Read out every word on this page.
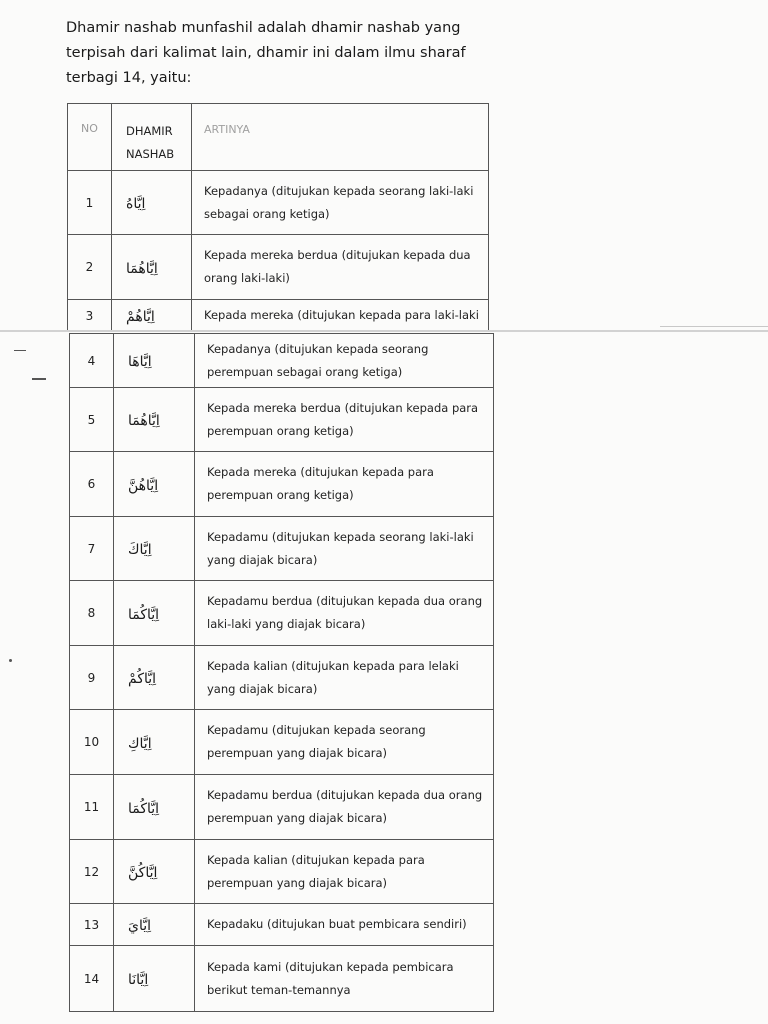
Dhamir nashab munfashil adalah dhamir nashab yang terpisah dari kalimat lain, dhamir ini dalam ilmu sharaf terbagi 14, yaitu:
NO	DHAMIR NASHAB	ARTINYA
1	اِيَّاهُ	Kepadanya (ditujukan kepada seorang laki-laki sebagai orang ketiga)
2	اِيَّاهُمَا	Kepada mereka berdua (ditujukan kepada dua orang laki-laki)
3	اِيَّاهُمْ	Kepada mereka (ditujukan kepada para laki-laki
4	اِيَّاهَا	Kepadanya (ditujukan kepada seorang perempuan sebagai orang ketiga)
5	اِيَّاهُمَا	Kepada mereka berdua (ditujukan kepada para perempuan orang ketiga)
6	اِيَّاهُنَّ	Kepada mereka (ditujukan kepada para perempuan orang ketiga)
7	اِيَّاكَ	Kepadamu (ditujukan kepada seorang laki-laki yang diajak bicara)
8	اِيَّاكُمَا	Kepadamu berdua (ditujukan kepada dua orang laki-laki yang diajak bicara)
9	اِيَّاكُمْ	Kepada kalian (ditujukan kepada para lelaki yang diajak bicara)
10	اِيَّاكِ	Kepadamu (ditujukan kepada seorang perempuan yang diajak bicara)
11	اِيَّاكُمَا	Kepadamu berdua (ditujukan kepada dua orang perempuan yang diajak bicara)
12	اِيَّاكُنَّ	Kepada kalian (ditujukan kepada para perempuan yang diajak bicara)
13	اِيَّايَ	Kepadaku (ditujukan buat pembicara sendiri)
14	اِيَّانَا	Kepada kami (ditujukan kepada pembicara berikut teman-temannya
